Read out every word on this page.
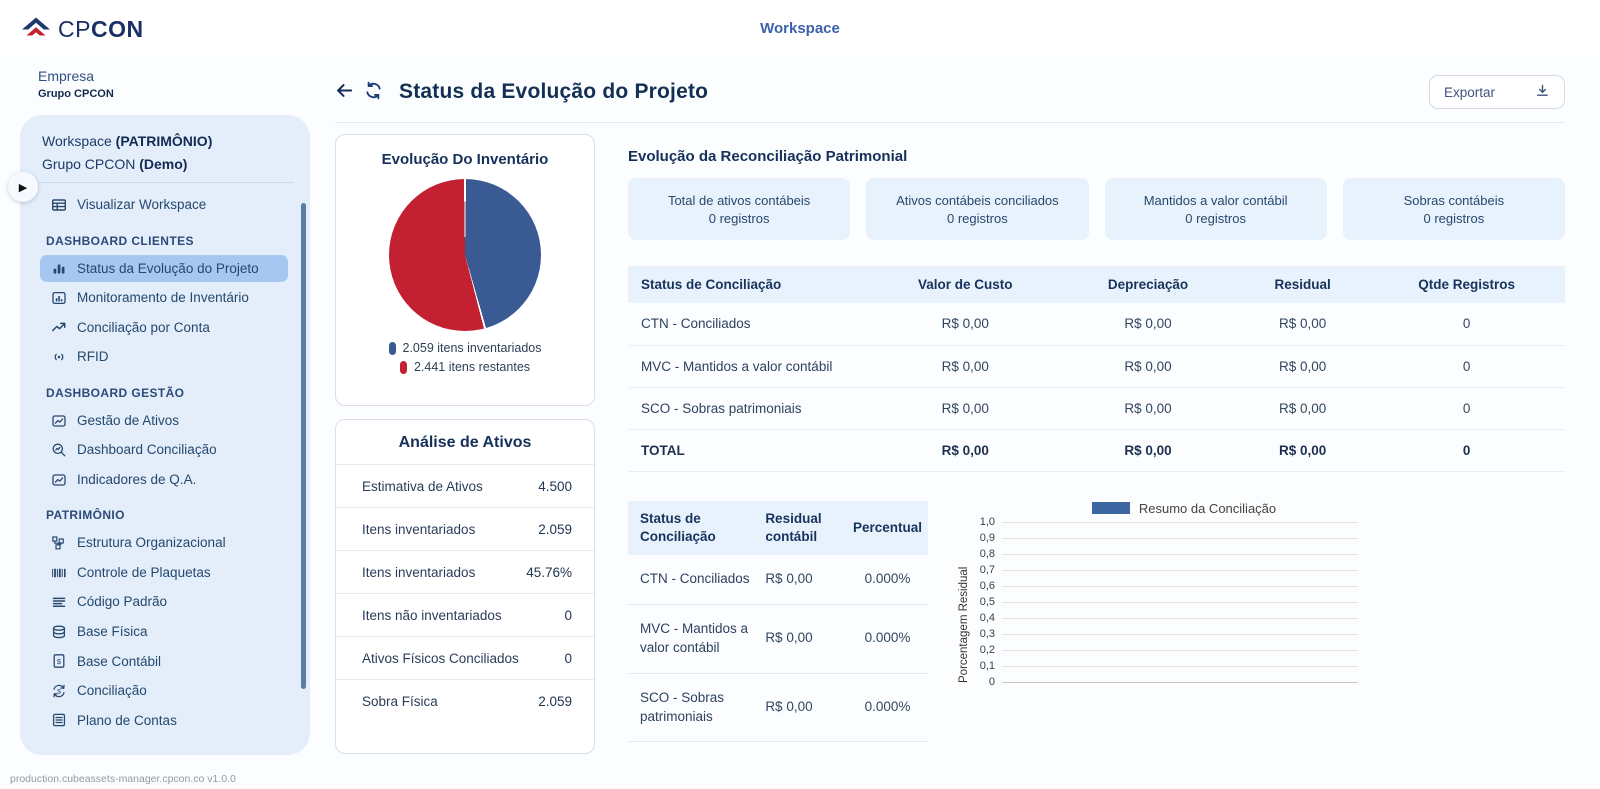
CPCON	Workspace
Empresa
Grupo CPCON
Workspace (PATRIMÔNIO)
Grupo CPCON (Demo)
Visualizar Workspace
DASHBOARD CLIENTES
Status da Evolução do Projeto
Monitoramento de Inventário
Conciliação por Conta
RFID
DASHBOARD GESTÃO
Gestão de Ativos
Dashboard Conciliação
Indicadores de Q.A.
PATRIMÔNIO
Estrutura Organizacional
Controle de Plaquetas
Código Padrão
Base Física
$ Base Contábil
$ Conciliação
Plano de Contas
▶
production.cubeassets-manager.cpcon.co v1.0.0
Status da Evolução do Projeto	Exportar
Evolução Do Inventário
2.059 itens inventariados
2.441 itens restantes
Análise de Ativos
Estimativa de Ativos	4.500
Itens inventariados	2.059
Itens inventariados	45.76%
Itens não inventariados	0
Ativos Físicos Conciliados	0
Sobra Física	2.059
Evolução da Reconciliação Patrimonial
Total de ativos contábeis
0 registros
Ativos contábeis conciliados
0 registros
Mantidos a valor contábil
0 registros
Sobras contábeis
0 registros
Status de Conciliação	Valor de Custo	Depreciação	Residual	Qtde Registros
CTN - Conciliados	R$ 0,00	R$ 0,00	R$ 0,00	0
MVC - Mantidos a valor contábil	R$ 0,00	R$ 0,00	R$ 0,00	0
SCO - Sobras patrimoniais	R$ 0,00	R$ 0,00	R$ 0,00	0
TOTAL	R$ 0,00	R$ 0,00	R$ 0,00	0
Status de Conciliação	Residual contábil	Percentual
CTN - Conciliados	R$ 0,00	0.000%
MVC - Mantidos a valor contábil	R$ 0,00	0.000%
SCO - Sobras patrimoniais	R$ 0,00	0.000%
Resumo da Conciliação
Porcentagem Residual
1,0
0,9
0,8
0,7
0,6
0,5
0,4
0,3
0,2
0,1
0
